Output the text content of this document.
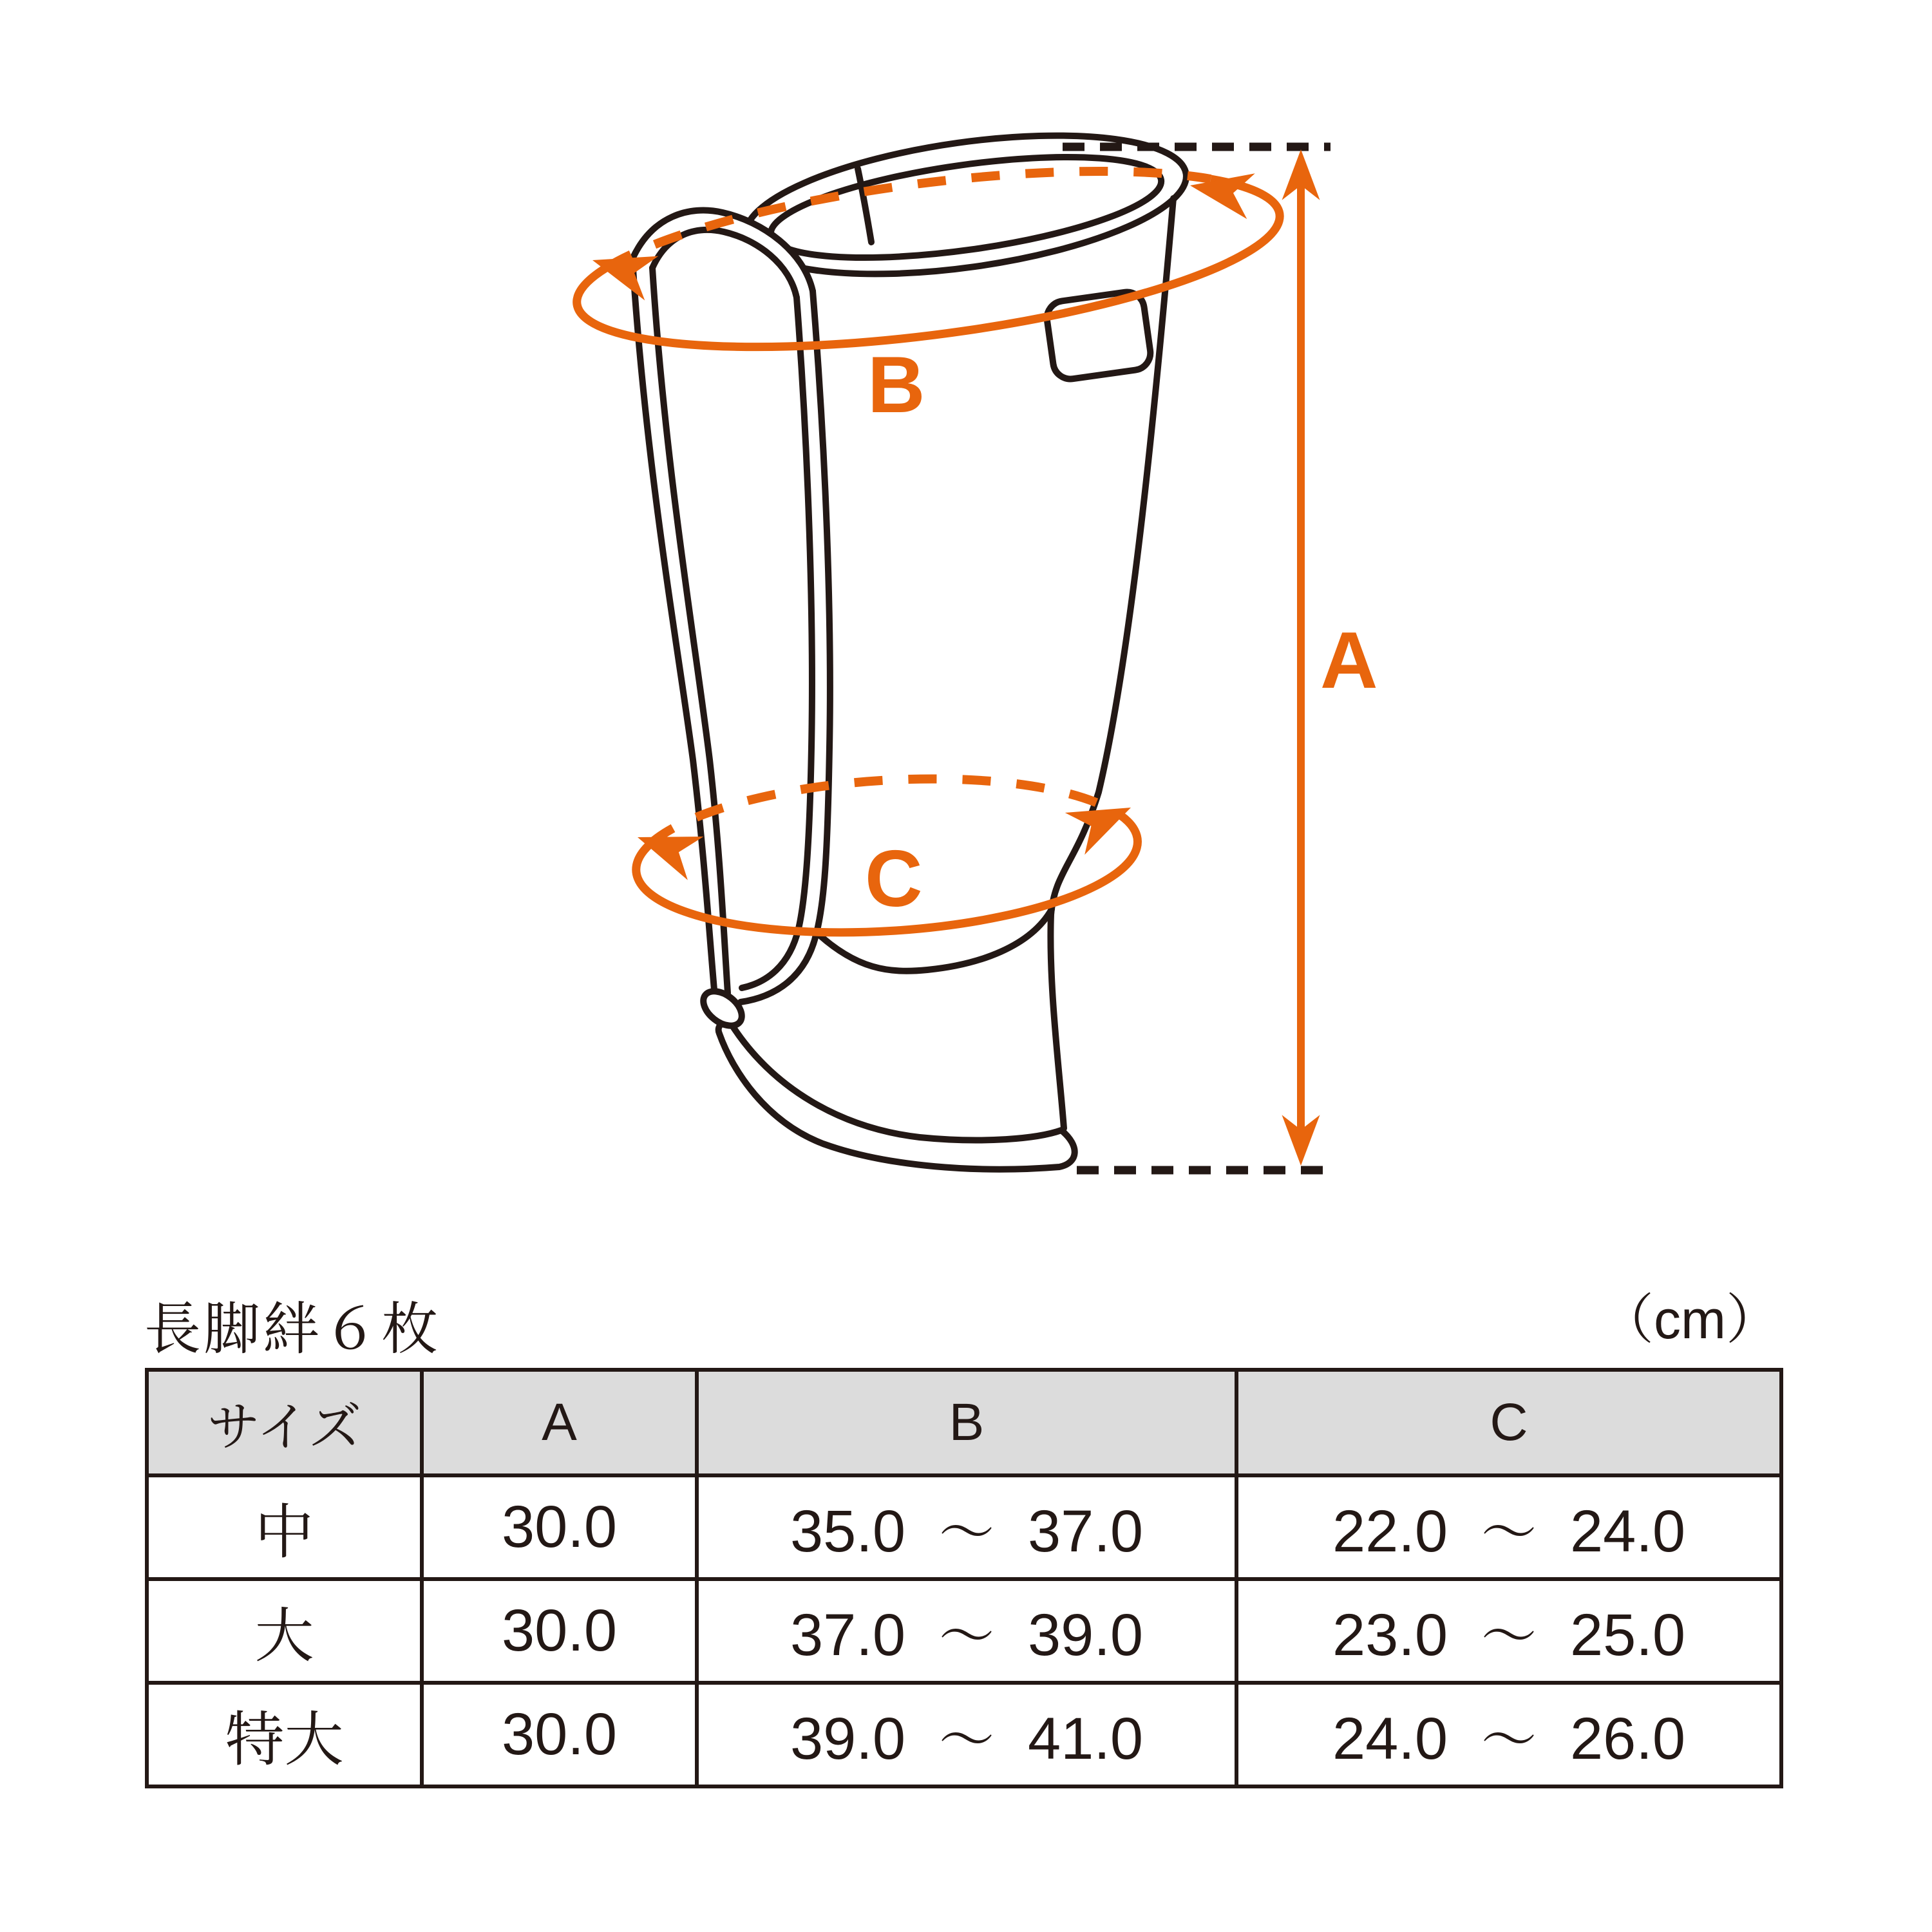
A
B
C
長脚絆６枚	（cm）
サイズ	A	B	C
中	30.0	35.0 〜 37.0	22.0 〜 24.0
大	30.0	37.0 〜 39.0	23.0 〜 25.0
特大	30.0	39.0 〜 41.0	24.0 〜 26.0
